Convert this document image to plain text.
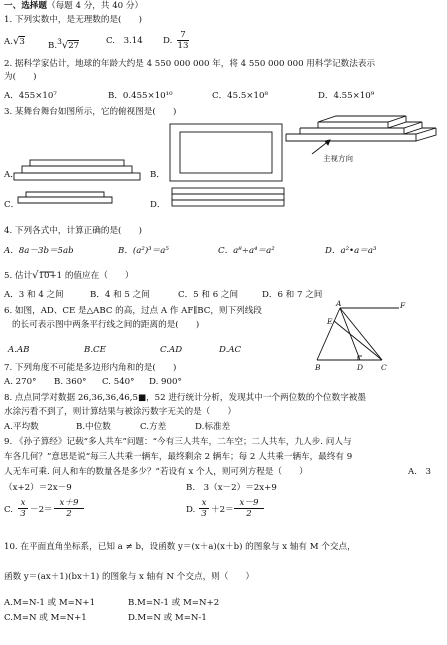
一、选择题（每题 4 分，共 40 分）
1. 下列实数中，是无理数的是(　　)
A.√3	B.$^3$√27	C.　3.14 D. $\frac{7}{13}$
2. 据科学家估计，地球的年龄大约是 4 550 000 000 年，将 4 550 000 000 用科学记数法表示
为(　　)
A．455×10⁷	B．0.455×10¹⁰	C．45.5×10⁸	D．4.55×10⁹
3. 某舞台舞台如图所示，它的俯视图是(　　)
A．	B．
C．	D．
主视方向
4. 下列各式中，计算正确的是(　　)
A．8a－3b＝5ab	B．(a²)³＝a⁵	C．a⁸÷a⁴＝a²	D．a²•a＝a³
5. 估计√10+1 的值应在（　　）
A．3 和 4 之间	B．4 和 5 之间	C．5 和 6 之间	D．6 和 7 之间
6. 如图，AD、CE 是△ABC 的高，过点 A 作 AF∥BC，则下列线段
的长可表示图中两条平行线之间的距离的是(　　)
A.AB	B.CE	C.AD	D.AC
A	F
E
B	D C
7. 下列角度不可能是多边形内角和的是(　　)
A. 270° B. 360° C. 540° D. 900°
8. 点点同学对数据 26,36,36,46,5■，52 进行统计分析，发现其中一个两位数的个位数字被墨
水涂污看不到了，则计算结果与被涂污数字无关的是（　　）
A.平均数	B.中位数	C.方差	D.标准差
9. 《孙子算经》记载“多人共车”问题：“今有三人共车，二车空；二人共车，九人步. 问人与
车各几何？”意思是说“每三人共乘一辆车，最终剩余 2 辆车；每 2 人共乘一辆车，最终有 9
人无车可乘. 问人和车的数量各是多少？”若设有 x 个人，则可列方程是（　　）	A.　3
（x+2）＝2x－9	B.　3（x－2）＝2x+9
C. $\frac{x}{3} -2= \frac{x+9}{2}$	D. $\frac{x}{3} +2= \frac{x-9}{2}$
10. 在平面直角坐标系，已知 a ≠ b，设函数 y＝(x＋a)(x＋b) 的图象与 x 轴有 M 个交点，
函数 y＝(ax＋1)(bx＋1) 的图象与 x 轴有 N 个交点，则（　　）
A.M=N-1 或 M=N+1	B.M=N-1 或 M=N+2
C.M=N 或 M=N+1	D.M=N 或 M=N-1
